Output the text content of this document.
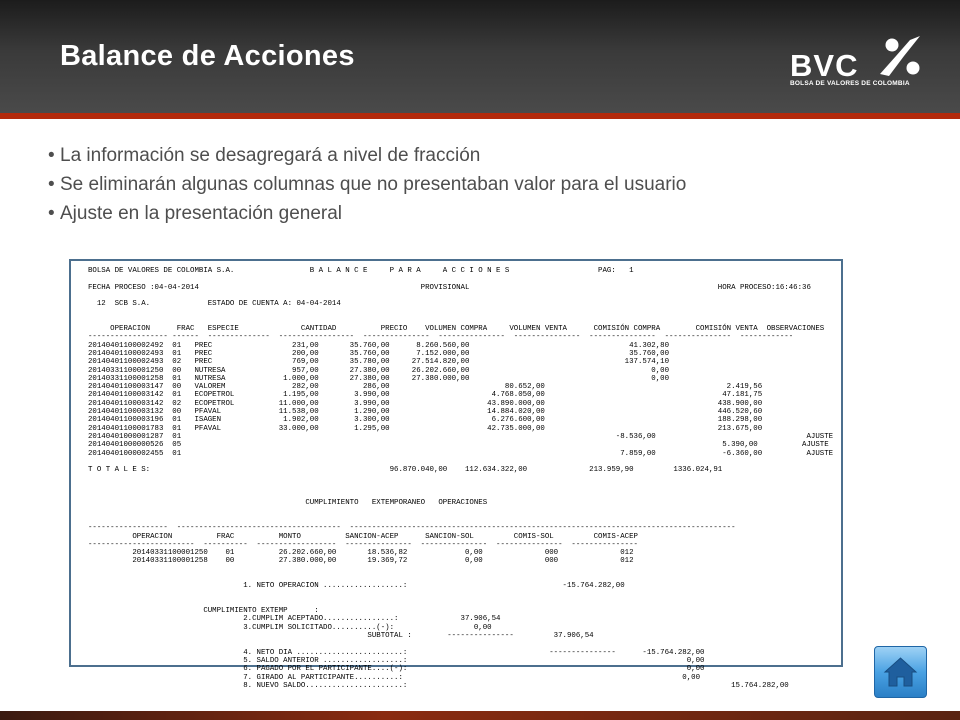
Balance de Acciones	BVC
BOLSA DE VALORES DE COLOMBIA
• La información se desagregará a nivel de fracción
• Se eliminarán algunas columnas que no presentaban valor para el usuario
• Ajuste en la presentación general
BOLSA DE VALORES DE COLOMBIA S.A.                 B A L A N C E     P A R A     A C C I O N E S                    PAG:   1

FECHA PROCESO :04-04-2014                                                  PROVISIONAL                                                        HORA PROCESO:16:46:36

12  SCB S.A.             ESTADO DE CUENTA A: 04-04-2014

OPERACION      FRAC   ESPECIE              CANTIDAD          PRECIO    VOLUMEN COMPRA     VOLUMEN VENTA      COMISIÓN COMPRA        COMISIÓN VENTA  OBSERVACIONES
------------------ ------  --------------  -----------------  ---------------  ---------------  ---------------  ---------------  ---------------  ------------
20140401100002492  01   PREC                  231,00       35.760,00      8.260.560,00                                    41.302,80
20140401100002493  01   PREC                  200,00       35.760,00      7.152.000,00                                    35.760,00
20140401100002493  02   PREC                  769,00       35.780,00     27.514.820,00                                   137.574,10
20140331100001250  00   NUTRESA               957,00       27.380,00     26.202.660,00                                         0,00
20140331100001258  01   NUTRESA             1.000,00       27.380,00     27.380.000,00                                         0,00
20140401100003147  00   VALOREM               282,00          286,00                          80.652,00                                         2.419,56
20140401100003142  01   ECOPETROL           1.195,00        3.990,00                       4.768.050,00                                        47.181,75
20140401100003142  02   ECOPETROL          11.000,00        3.990,00                      43.890.000,00                                       438.900,00
20140401100003132  00   PFAVAL             11.538,00        1.290,00                      14.884.020,00                                       446.520,60
20140401100003196  01   ISAGEN              1.902,00        3.300,00                       6.276.600,00                                       188.298,00
20140401100001783  01   PFAVAL             33.000,00        1.295,00                      42.735.000,00                                       213.675,00
20140401000001287  01                                                                                                  -8.536,00                                  AJUSTE
20140401000000526  05                                                                                                                          5.390,00          AJUSTE
20140401000002455  01                                                                                                   7.859,00               -6.360,00          AJUSTE

T O T A L E S:                                                      96.870.040,00    112.634.322,00              213.959,90         1336.024,91

CUMPLIMIENTO   EXTEMPORANEO   OPERACIONES

------------------  -------------------------------------  ---------------------------------------------------------------------------------------
OPERACION          FRAC          MONTO          SANCION-ACEP      SANCION-SOL         COMIS-SOL         COMIS-ACEP
------------------------  ----------  ------------------  ---------------  ---------------  ---------------  ---------------
20140331100001250    01          26.202.660,00       18.536,82             0,00              000              012
20140331100001258    00          27.380.000,00       19.369,72             0,00              000              012

1. NETO OPERACION ..................:                                   -15.764.282,00

CUMPLIMIENTO EXTEMP      :
2.CUMPLIM ACEPTADO................:              37.906,54
3.CUMPLIM SOLICITADO..........(-):                  0,00
SUBTOTAL :        ---------------         37.906,54

4. NETO DIA ........................:                                ---------------      -15.764.282,00
5. SALDO ANTERIOR ..................:                                                               0,00
6. PAGADO POR EL PARTICIPANTE....(-):                                                               0,00
7. GIRADO AL PARTICIPANTE..........:                                                               0,00
8. NUEVO SALDO......................:                                                                         15.764.282,00
